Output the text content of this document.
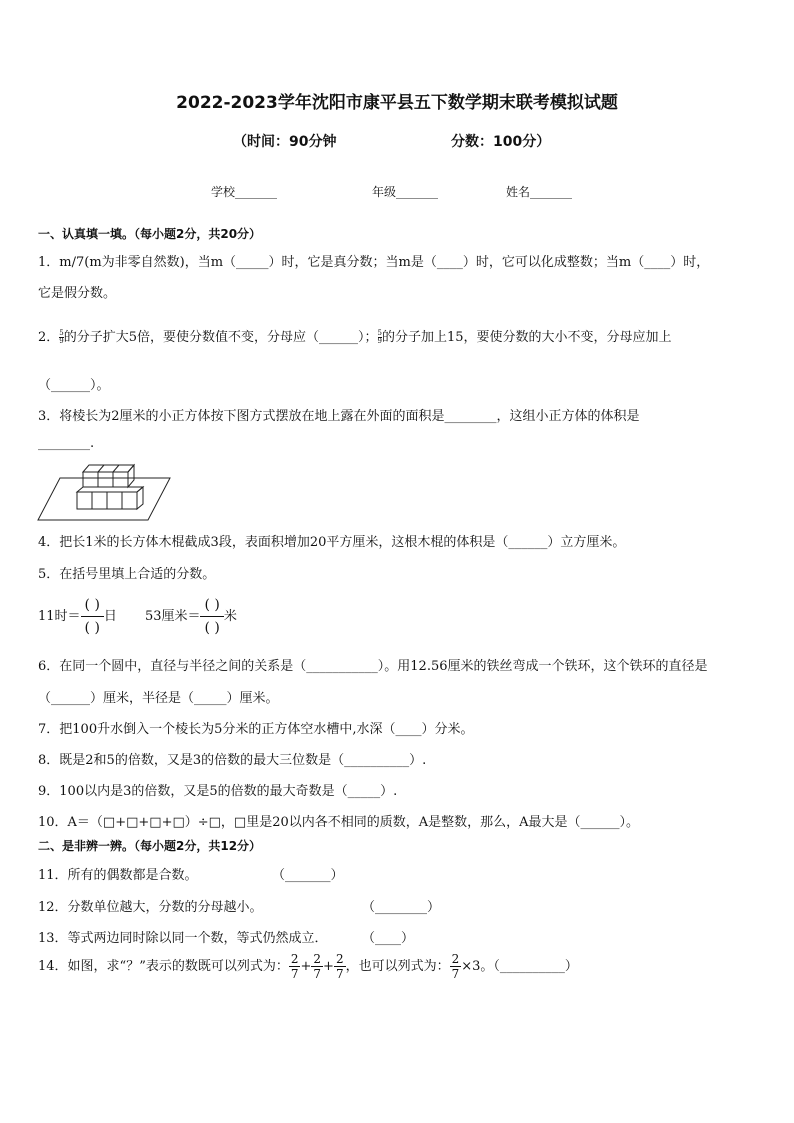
2022-2023学年沈阳市康平县五下数学期末联考模拟试题
（时间：90分钟	分数：100分）
学校_______	年级_______	姓名_______
一、认真填一填。（每小题2分，共20分）
1．m/7(m为非零自然数)，当m（_____）时，它是真分数；当m是（____）时，它可以化成整数；当m（____）时，
它是假分数。
2． $\frac{5}{9}$的分子扩大5倍，要使分数值不变，分母应（______）； $\frac{5}{9}$的分子加上15，要使分数的大小不变，分母应加上
（______）。
3．将棱长为2厘米的小正方体按下图方式摆放在地上露在外面的面积是________，这组小正方体的体积是
________.
4．把长1米的长方体木棍截成3段，表面积增加20平方厘米，这根木棍的体积是（______）立方厘米。
5．在括号里填上合适的分数。
11时＝
( )
( )
日 53厘米＝
( )
( )
米
6．在同一个圆中，直径与半径之间的关系是（___________）。用12.56厘米的铁丝弯成一个铁环，这个铁环的直径是
（______）厘米，半径是（_____）厘米。
7．把100升水倒入一个棱长为5分米的正方体空水槽中,水深（____）分米。
8．既是2和5的倍数，又是3的倍数的最大三位数是（__________）.
9．100以内是3的倍数，又是5的倍数的最大奇数是（_____）.
10．A＝（□+□+□+□）÷□，□里是20以内各不相同的质数，A是整数，那么，A最大是（______）。
二、是非辨一辨。（每小题2分，共12分）
11．所有的偶数都是合数。	（_______）
12．分数单位越大，分数的分母越小。	（________）
13．等式两边同时除以同一个数，等式仍然成立．	（____）
14．如图，求“？”表示的数既可以列式为： $\frac{2}{7} + \frac{2}{7} + \frac{2}{7}$ ，也可以列式为： $\frac{2}{7} \times 3$。（__________）
